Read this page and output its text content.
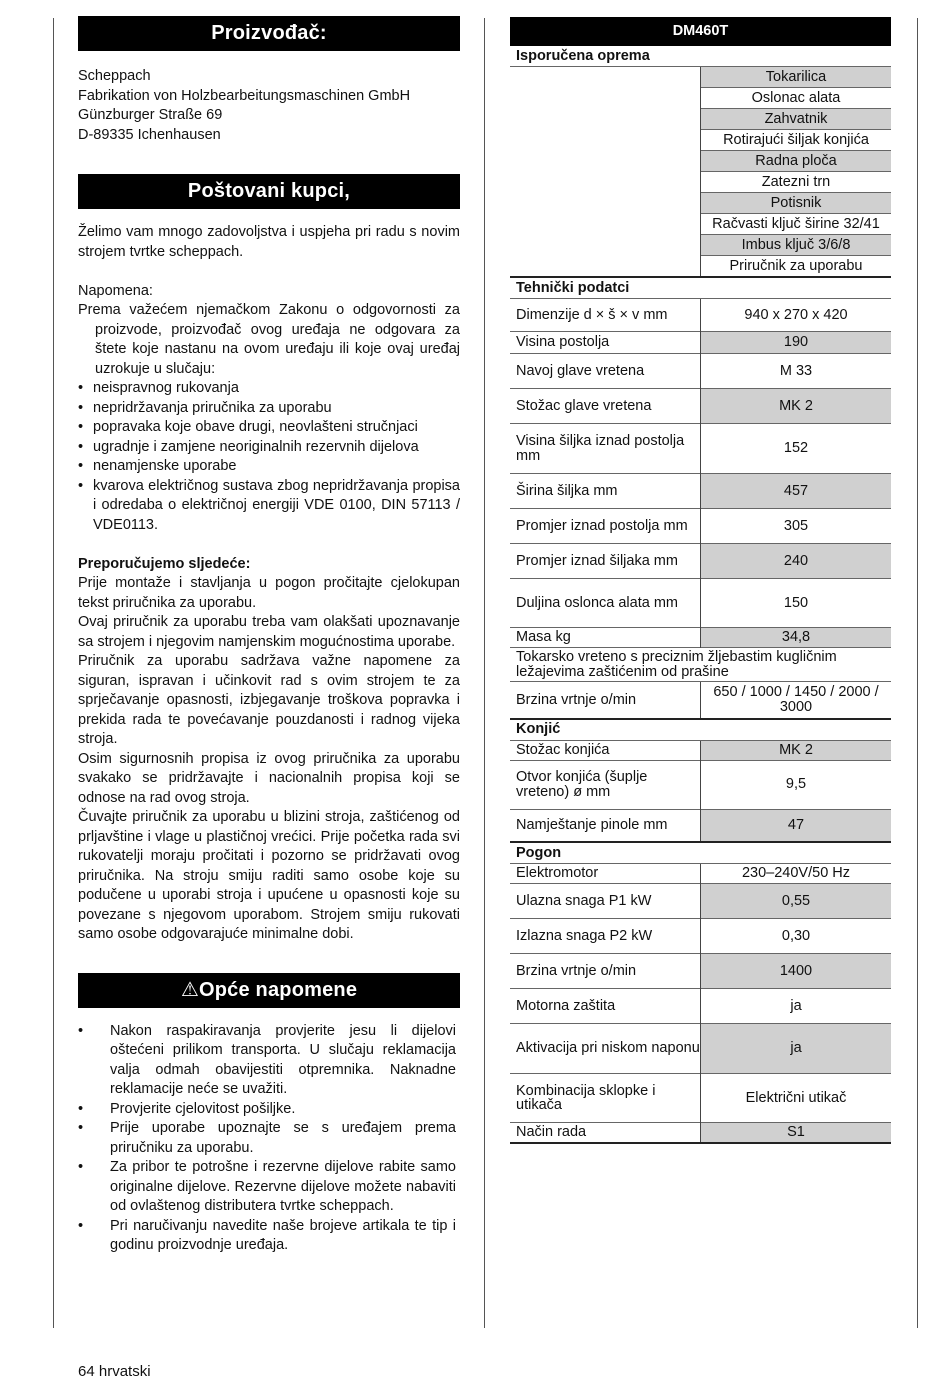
Proizvođač:

Scheppach

Fabrikation von Holzbearbeitungsmaschinen GmbH

Günzburger Straße 69

D-89335 Ichenhausen

Poštovani kupci,

Želimo vam mnogo zadovoljstva i uspjeha pri radu s novim strojem tvrtke scheppach.

Napomena:

Prema važećem njemačkom Zakonu o odgovornosti za proizvode, proizvođač ovog uređaja ne odgovara za štete koje nastanu na ovom uređaju ili koje ovaj uređaj uzrokuje u slučaju:

• neispravnog rukovanja
• nepridržavanja priručnika za uporabu
• popravaka koje obave drugi, neovlašteni stručnjaci
• ugradnje i zamjene neoriginalnih rezervnih dijelova
• nenamjenske uporabe
• kvarova električnog sustava zbog nepridržavanja propisa i odredaba o električnoj energiji VDE 0100, DIN 57113 / VDE0113.

Preporučujemo sljedeće:

Prije montaže i stavljanja u pogon pročitajte cjelokupan tekst priručnika za uporabu.

Ovaj priručnik za uporabu treba vam olakšati upoznavanje sa strojem i njegovim namjenskim mogućnostima uporabe.

Priručnik za uporabu sadržava važne napomene za siguran, ispravan i učinkovit rad s ovim strojem te za sprječavanje opasnosti, izbjegavanje troškova popravka i prekida rada te povećavanje pouzdanosti i radnog vijeka stroja.

Osim sigurnosnih propisa iz ovog priručnika za uporabu svakako se pridržavajte i nacionalnih propisa koji se odnose na rad ovog stroja.

Čuvajte priručnik za uporabu u blizini stroja, zaštićenog od prljavštine i vlage u plastičnoj vrećici. Prije početka rada svi rukovatelji moraju pročitati i pozorno se pridržavati ovog priručnika. Na stroju smiju raditi samo osobe koje su podučene u uporabi stroja i upućene u opasnosti koje su povezane s njegovom uporabom. Strojem smiju rukovati samo osobe odgovarajuće minimalne dobi.

⚠Opće napomene
• Nakon raspakiravanja provjerite jesu li dijelovi oštećeni prilikom transporta. U slučaju reklamacija valja odmah obavijestiti otpremnika. Naknadne reklamacije neće se uvažiti.
• Provjerite cjelovitost pošiljke.
• Prije uporabe upoznajte se s uređajem prema priručniku za uporabu.
• Za pribor te potrošne i rezervne dijelove rabite samo originalne dijelove. Rezervne dijelove možete nabaviti od ovlaštenog distributera tvrtke scheppach.
• Pri naručivanju navedite naše brojeve artikala te tip i godinu proizvodnje uređaja.
DM460T	
Isporučena oprema	
	Tokarilica
	Oslonac alata
	Zahvatnik
	Rotirajući šiljak konjića
	Radna ploča
	Zatezni trn
	Potisnik
	Račvasti ključ širine 32/41
	Imbus ključ 3/6/8
	Priručnik za uporabu
Tehnički podatci	
Dimenzije d × š × v mm	940 x 270 x 420
Visina postolja	190
Navoj glave vretena	M 33
Stožac glave vretena	MK 2
Visina šiljka iznad postolja mm	152
Širina šiljka mm	457
Promjer iznad postolja mm	305
Promjer iznad šiljaka mm	240
Duljina oslonca alata mm	150
Masa kg	34,8
Tokarsko vreteno s preciznim žljebastim kugličnim ležajevima zaštićenim od prašine	
Brzina vrtnje o/min	650 / 1000 / 1450 / 2000 / 3000
Konjić	
Stožac konjića	MK 2
Otvor konjića (šuplje vreteno) ø mm	9,5
Namještanje pinole mm	47
Pogon	
Elektromotor	230–240V/50 Hz
Ulazna snaga P1 kW	0,55
Izlazna snaga P2 kW	0,30
Brzina vrtnje o/min	1400
Motorna zaštita	ja
Aktivacija pri niskom naponu	ja
Kombinacija sklopke i utikača	Električni utikač
Način rada	S1
64 hrvatski
